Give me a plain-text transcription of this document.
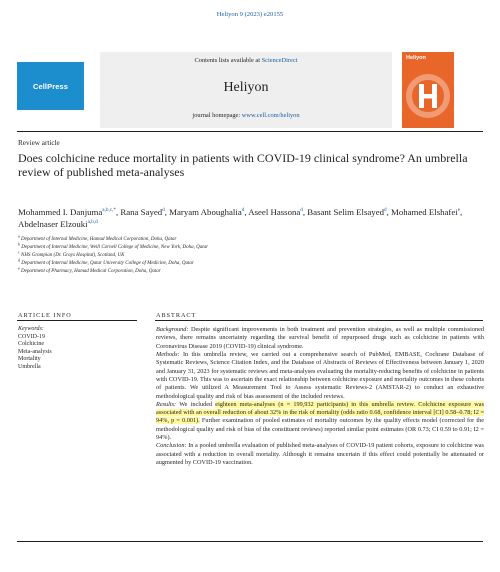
Heliyon 9 (2023) e20155
CellPress
Contents lists available at ScienceDirect
Heliyon
journal homepage: www.cell.com/heliyon
Heliyon
Review article
Does colchicine reduce mortality in patients with COVID-19 clinical syndrome? An umbrella review of published meta-analyses
Mohammed I. Danjuma$^{a,b,c,*}$, Rana Sayed$^d$, Maryam Aboughalia$^d$, Aseel Hassona$^d$, Basant Selim Elsayed$^d$, Mohamed Elshafei$^e$, Abdelnaser Elzouki$^{a,b,d}$
$^a$ Department of Internal Medicine, Hamad Medical Corporation, Doha, Qatar
$^b$ Department of Internal Medicine, Weill Cornell College of Medicine, New York, Doha, Qatar
$^c$ NHS Grampian (Dr. Grays Hospital), Scotland, UK
$^d$ Department of Internal Medicine, Qatar University College of Medicine, Doha, Qatar
$^e$ Department of Pharmacy, Hamad Medical Corporation, Doha, Qatar
ARTICLE INFO	ABSTRACT
Keywords:
COVID-19
Colchicine
Meta-analysis
Mortality
Umbrella

Background: Despite significant improvements in both treatment and prevention strategies, as well as multiple commissioned reviews, there remains uncertainty regarding the survival benefit of repurposed drugs such as colchicine in patients with Coronavirus Disease 2019 (COVID-19) clinical syndrome.

Methods: In this umbrella review, we carried out a comprehensive search of PubMed, EMBASE, Cochrane Database of Systematic Reviews, Science Citation Index, and the Database of Abstracts of Reviews of Effectiveness between January 1, 2020 and January 31, 2023 for systematic reviews and meta-analyses evaluating the mortality-reducing benefits of colchicine in patients with COVID-19. This was to ascertain the exact relationship between colchicine exposure and mortality outcomes in these cohorts of patients. We utilized A Measurement Tool to Assess systematic Reviews-2 (AMSTAR-2) to conduct an exhaustive methodological quality and risk of bias assessment of the included reviews.

Results: We included eighteen meta-analyses (n = 199,932 participants) in this umbrella review. Colchicine exposure was associated with an overall reduction of about 32% in the risk of mortality (odds ratio 0.68, confidence interval [CI] 0.58–0.78; I2 = 94%, p = 0.001). Further examination of pooled estimates of mortality outcomes by the quality effects model (corrected for the methodological quality and risk of bias of the constituent reviews) reported similar point estimates (OR 0.73; CI 0.59 to 0.91; I2 = 94%).

Conclusion: In a pooled umbrella evaluation of published meta-analyses of COVID-19 patient cohorts, exposure to colchicine was associated with a reduction in overall mortality. Although it remains uncertain if this effect could potentially be attenuated or augmented by COVID-19 vaccination.
